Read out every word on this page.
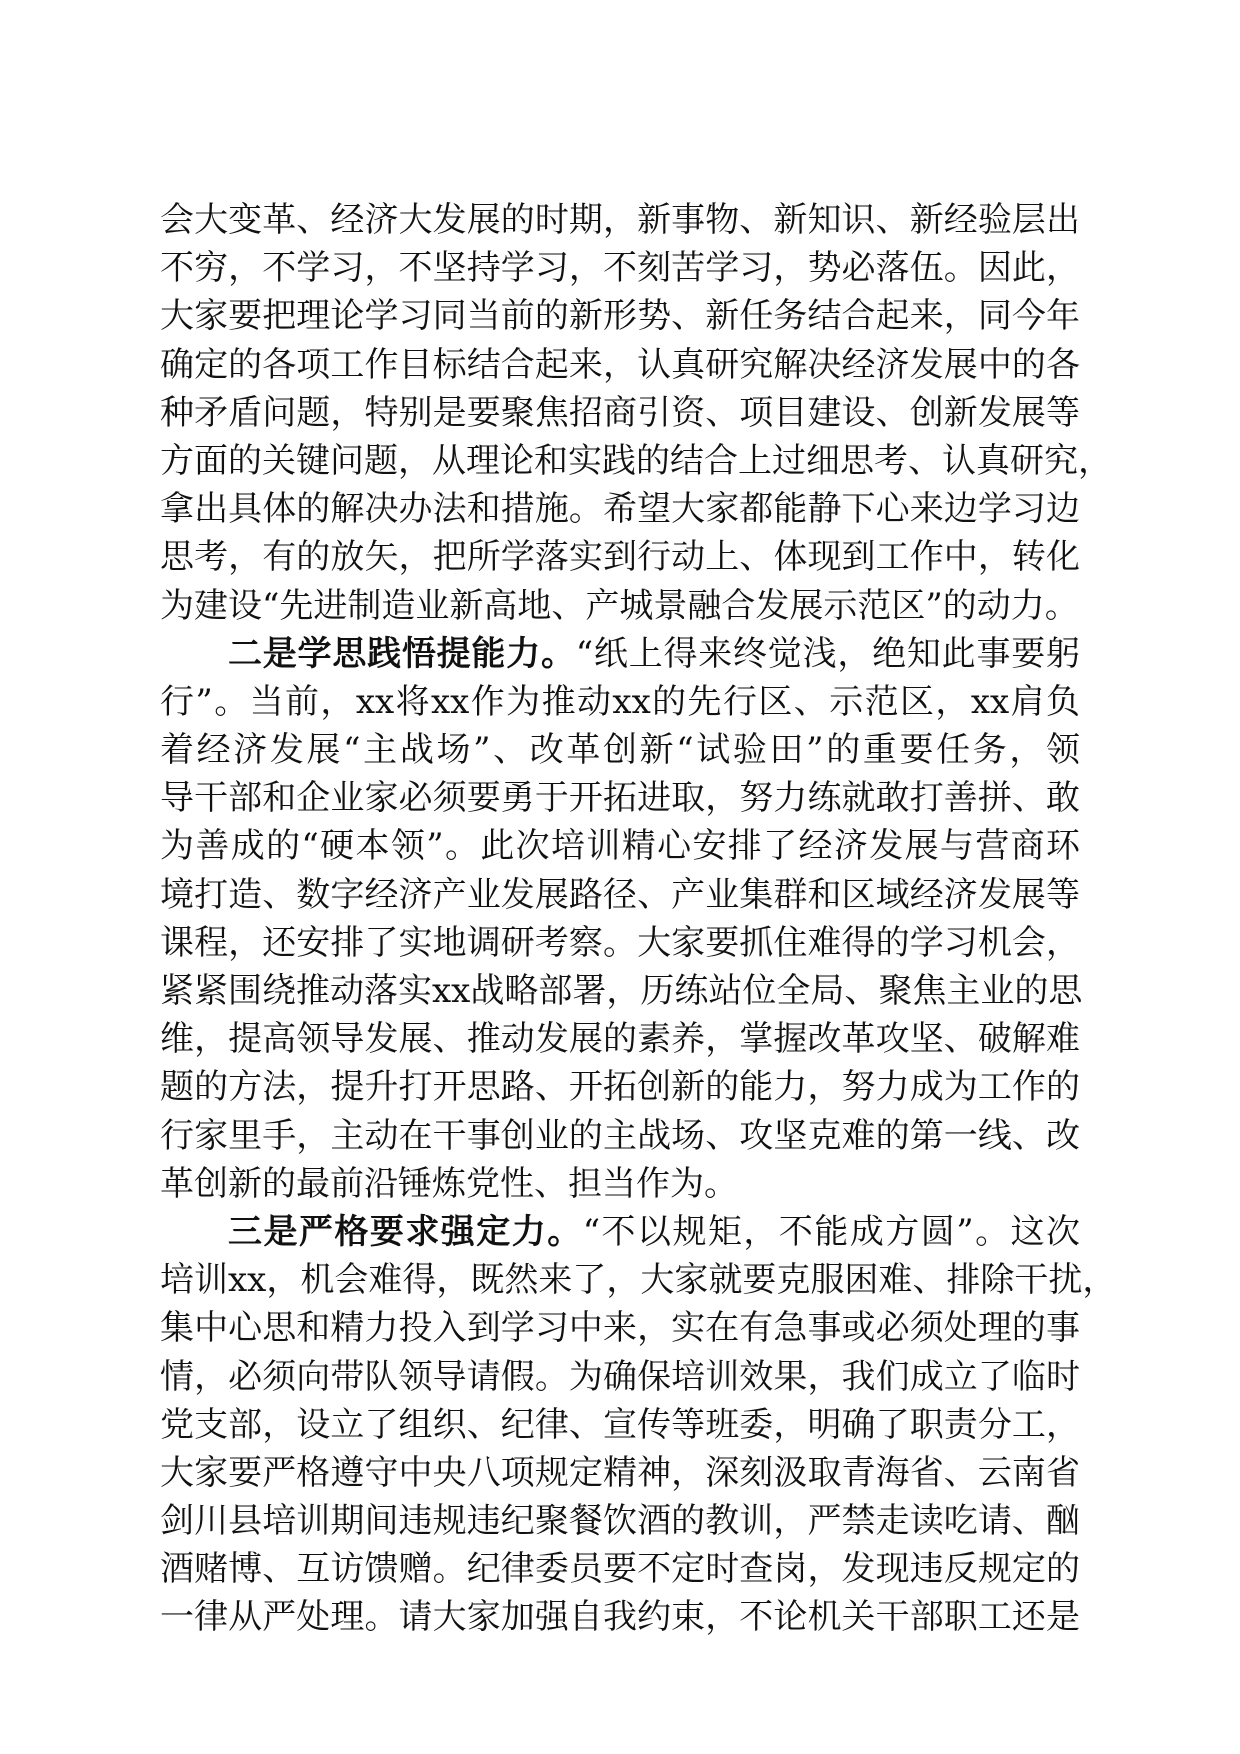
会大变革、经济大发展的时期，新事物、新知识、新经验层出
不穷，不学习，不坚持学习，不刻苦学习，势必落伍。因此，
大家要把理论学习同当前的新形势、新任务结合起来，同今年
确定的各项工作目标结合起来，认真研究解决经济发展中的各
种矛盾问题，特别是要聚焦招商引资、项目建设、创新发展等
方面的关键问题，从理论和实践的结合上过细思考、认真研究，
拿出具体的解决办法和措施。希望大家都能静下心来边学习边
思考，有的放矢，把所学落实到行动上、体现到工作中，转化
为建设“先进制造业新高地、产城景融合发展示范区”的动力。
二是学思践悟提能力。“纸上得来终觉浅，绝知此事要躬
行”。当前，xx将xx作为推动xx的先行区、示范区，xx肩负
着经济发展“主战场”、改革创新“试验田”的重要任务，领
导干部和企业家必须要勇于开拓进取，努力练就敢打善拼、敢
为善成的“硬本领”。此次培训精心安排了经济发展与营商环
境打造、数字经济产业发展路径、产业集群和区域经济发展等
课程，还安排了实地调研考察。大家要抓住难得的学习机会，
紧紧围绕推动落实xx战略部署，历练站位全局、聚焦主业的思
维，提高领导发展、推动发展的素养，掌握改革攻坚、破解难
题的方法，提升打开思路、开拓创新的能力，努力成为工作的
行家里手，主动在干事创业的主战场、攻坚克难的第一线、改
革创新的最前沿锤炼党性、担当作为。
三是严格要求强定力。“不以规矩，不能成方圆”。这次
培训xx，机会难得，既然来了，大家就要克服困难、排除干扰，
集中心思和精力投入到学习中来，实在有急事或必须处理的事
情，必须向带队领导请假。为确保培训效果，我们成立了临时
党支部，设立了组织、纪律、宣传等班委，明确了职责分工，
大家要严格遵守中央八项规定精神，深刻汲取青海省、云南省
剑川县培训期间违规违纪聚餐饮酒的教训，严禁走读吃请、酗
酒赌博、互访馈赠。纪律委员要不定时查岗，发现违反规定的
一律从严处理。请大家加强自我约束，不论机关干部职工还是
